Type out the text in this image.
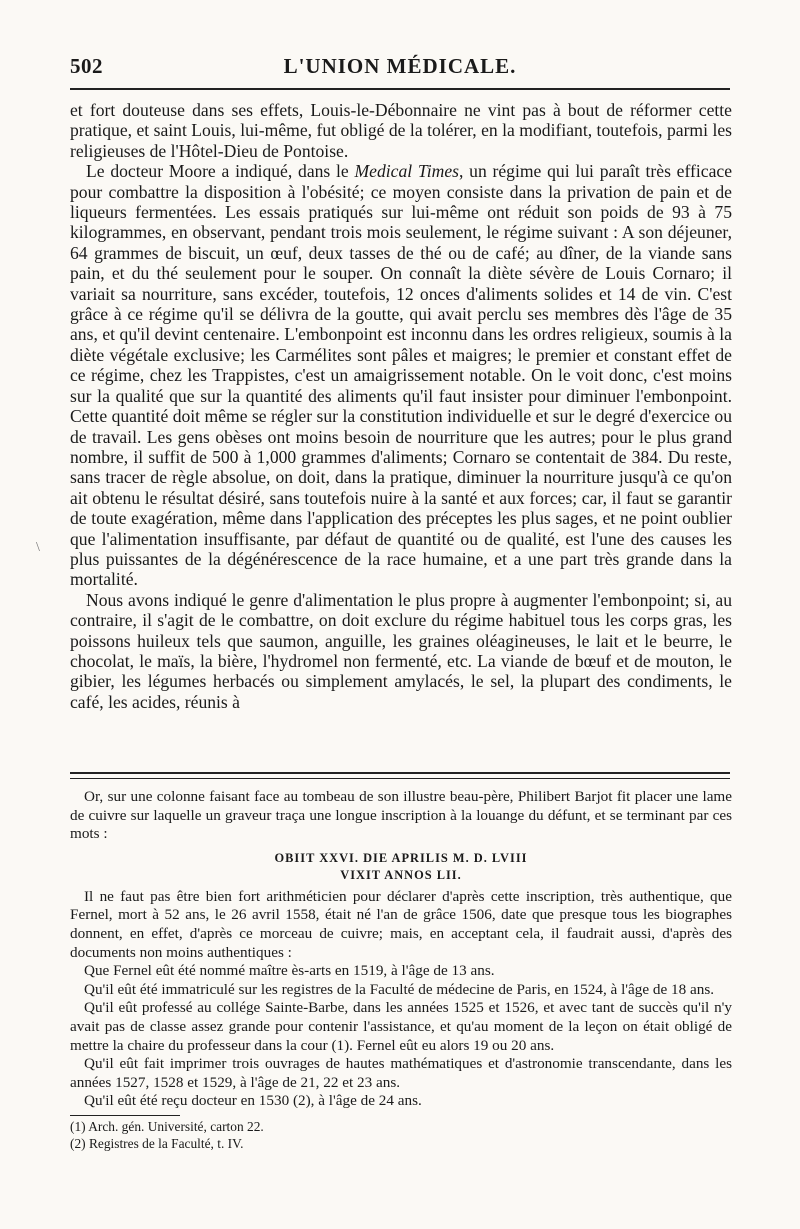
502	L'UNION MÉDICALE.

et fort douteuse dans ses effets, Louis-le-Débonnaire ne vint pas à bout de réformer cette pratique, et saint Louis, lui-même, fut obligé de la tolérer, en la modifiant, toutefois, parmi les religieuses de l'Hôtel-Dieu de Pontoise.

Le docteur Moore a indiqué, dans le Medical Times, un régime qui lui paraît très efficace pour combattre la disposition à l'obésité; ce moyen consiste dans la privation de pain et de liqueurs fermentées. Les essais pratiqués sur lui-même ont réduit son poids de 93 à 75 kilogrammes, en observant, pendant trois mois seulement, le régime suivant : A son déjeuner, 64 grammes de biscuit, un œuf, deux tasses de thé ou de café; au dîner, de la viande sans pain, et du thé seulement pour le souper. On connaît la diète sévère de Louis Cornaro; il variait sa nourriture, sans excéder, toutefois, 12 onces d'aliments solides et 14 de vin. C'est grâce à ce régime qu'il se délivra de la goutte, qui avait perclu ses membres dès l'âge de 35 ans, et qu'il devint centenaire. L'embonpoint est inconnu dans les ordres religieux, soumis à la diète végétale exclusive; les Carmélites sont pâles et maigres; le premier et constant effet de ce régime, chez les Trappistes, c'est un amaigrissement notable. On le voit donc, c'est moins sur la qualité que sur la quantité des aliments qu'il faut insister pour diminuer l'embonpoint. Cette quantité doit même se régler sur la constitution individuelle et sur le degré d'exercice ou de travail. Les gens obèses ont moins besoin de nourriture que les autres; pour le plus grand nombre, il suffit de 500 à 1,000 grammes d'aliments; Cornaro se contentait de 384. Du reste, sans tracer de règle absolue, on doit, dans la pratique, diminuer la nourriture jusqu'à ce qu'on ait obtenu le résultat désiré, sans toutefois nuire à la santé et aux forces; car, il faut se garantir de toute exagération, même dans l'application des préceptes les plus sages, et ne point oublier que l'alimentation insuffisante, par défaut de quantité ou de qualité, est l'une des causes les plus puissantes de la dégénérescence de la race humaine, et a une part très grande dans la mortalité.

Nous avons indiqué le genre d'alimentation le plus propre à augmenter l'embonpoint; si, au contraire, il s'agit de le combattre, on doit exclure du régime habituel tous les corps gras, les poissons huileux tels que saumon, anguille, les graines oléagineuses, le lait et le beurre, le chocolat, le maïs, la bière, l'hydromel non fermenté, etc. La viande de bœuf et de mouton, le gibier, les légumes herbacés ou simplement amylacés, le sel, la plupart des condiments, le café, les acides, réunis à

\

Or, sur une colonne faisant face au tombeau de son illustre beau-père, Philibert Barjot fit placer une lame de cuivre sur laquelle un graveur traça une longue inscription à la louange du défunt, et se terminant par ces mots :

OBIIT XXVI. DIE APRILIS M. D. LVIII

VIXIT ANNOS LII.

Il ne faut pas être bien fort arithméticien pour déclarer d'après cette inscription, très authentique, que Fernel, mort à 52 ans, le 26 avril 1558, était né l'an de grâce 1506, date que presque tous les biographes donnent, en effet, d'après ce morceau de cuivre; mais, en acceptant cela, il faudrait aussi, d'après des documents non moins authentiques :

Que Fernel eût été nommé maître ès-arts en 1519, à l'âge de 13 ans.

Qu'il eût été immatriculé sur les registres de la Faculté de médecine de Paris, en 1524, à l'âge de 18 ans.

Qu'il eût professé au collége Sainte-Barbe, dans les années 1525 et 1526, et avec tant de succès qu'il n'y avait pas de classe assez grande pour contenir l'assistance, et qu'au moment de la leçon on était obligé de mettre la chaire du professeur dans la cour (1). Fernel eût eu alors 19 ou 20 ans.

Qu'il eût fait imprimer trois ouvrages de hautes mathématiques et d'astronomie transcendante, dans les années 1527, 1528 et 1529, à l'âge de 21, 22 et 23 ans.

Qu'il eût été reçu docteur en 1530 (2), à l'âge de 24 ans.

(1) Arch. gén. Université, carton 22.

(2) Registres de la Faculté, t. IV.
